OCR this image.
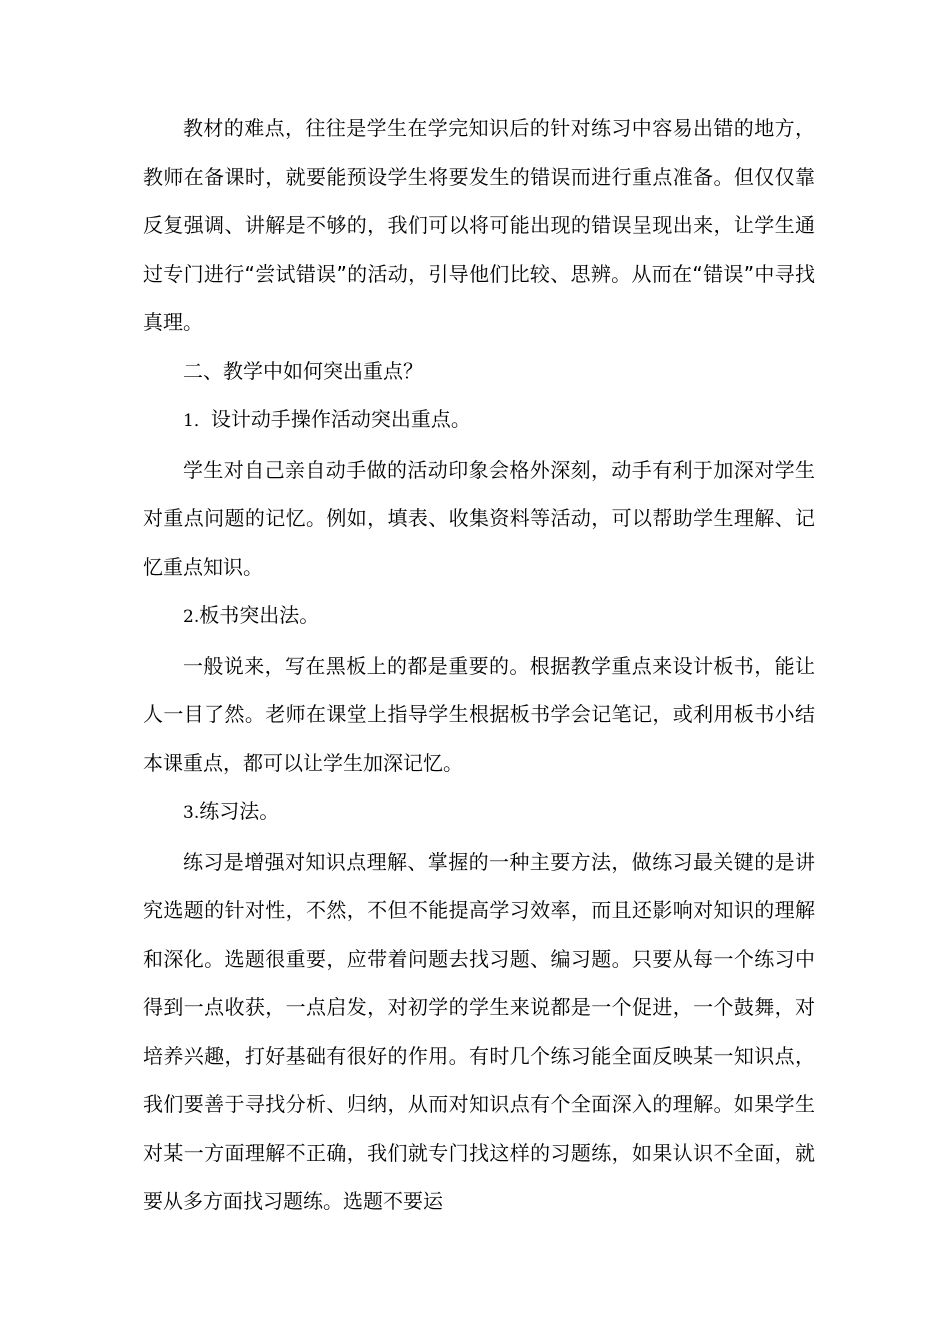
教材的难点，往往是学生在学完知识后的针对练习中容易出错的地方，教师在备课时，就要能预设学生将要发生的错误而进行重点准备。但仅仅靠反复强调、讲解是不够的，我们可以将可能出现的错误呈现出来，让学生通过专门进行“尝试错误”的活动，引导他们比较、思辨。从而在“错误”中寻找真理。

二、教学中如何突出重点？

1．设计动手操作活动突出重点。

学生对自己亲自动手做的活动印象会格外深刻，动手有利于加深对学生对重点问题的记忆。例如，填表、收集资料等活动，可以帮助学生理解、记忆重点知识。

2.板书突出法。

一般说来，写在黑板上的都是重要的。根据教学重点来设计板书，能让人一目了然。老师在课堂上指导学生根据板书学会记笔记，或利用板书小结本课重点，都可以让学生加深记忆。

3.练习法。

练习是增强对知识点理解、掌握的一种主要方法，做练习最关键的是讲究选题的针对性，不然，不但不能提高学习效率，而且还影响对知识的理解和深化。选题很重要，应带着问题去找习题、编习题。只要从每一个练习中得到一点收获，一点启发，对初学的学生来说都是一个促进，一个鼓舞，对培养兴趣，打好基础有很好的作用。有时几个练习能全面反映某一知识点，我们要善于寻找分析、归纳，从而对知识点有个全面深入的理解。如果学生对某一方面理解不正确，我们就专门找这样的习题练，如果认识不全面，就要从多方面找习题练。选题不要运
